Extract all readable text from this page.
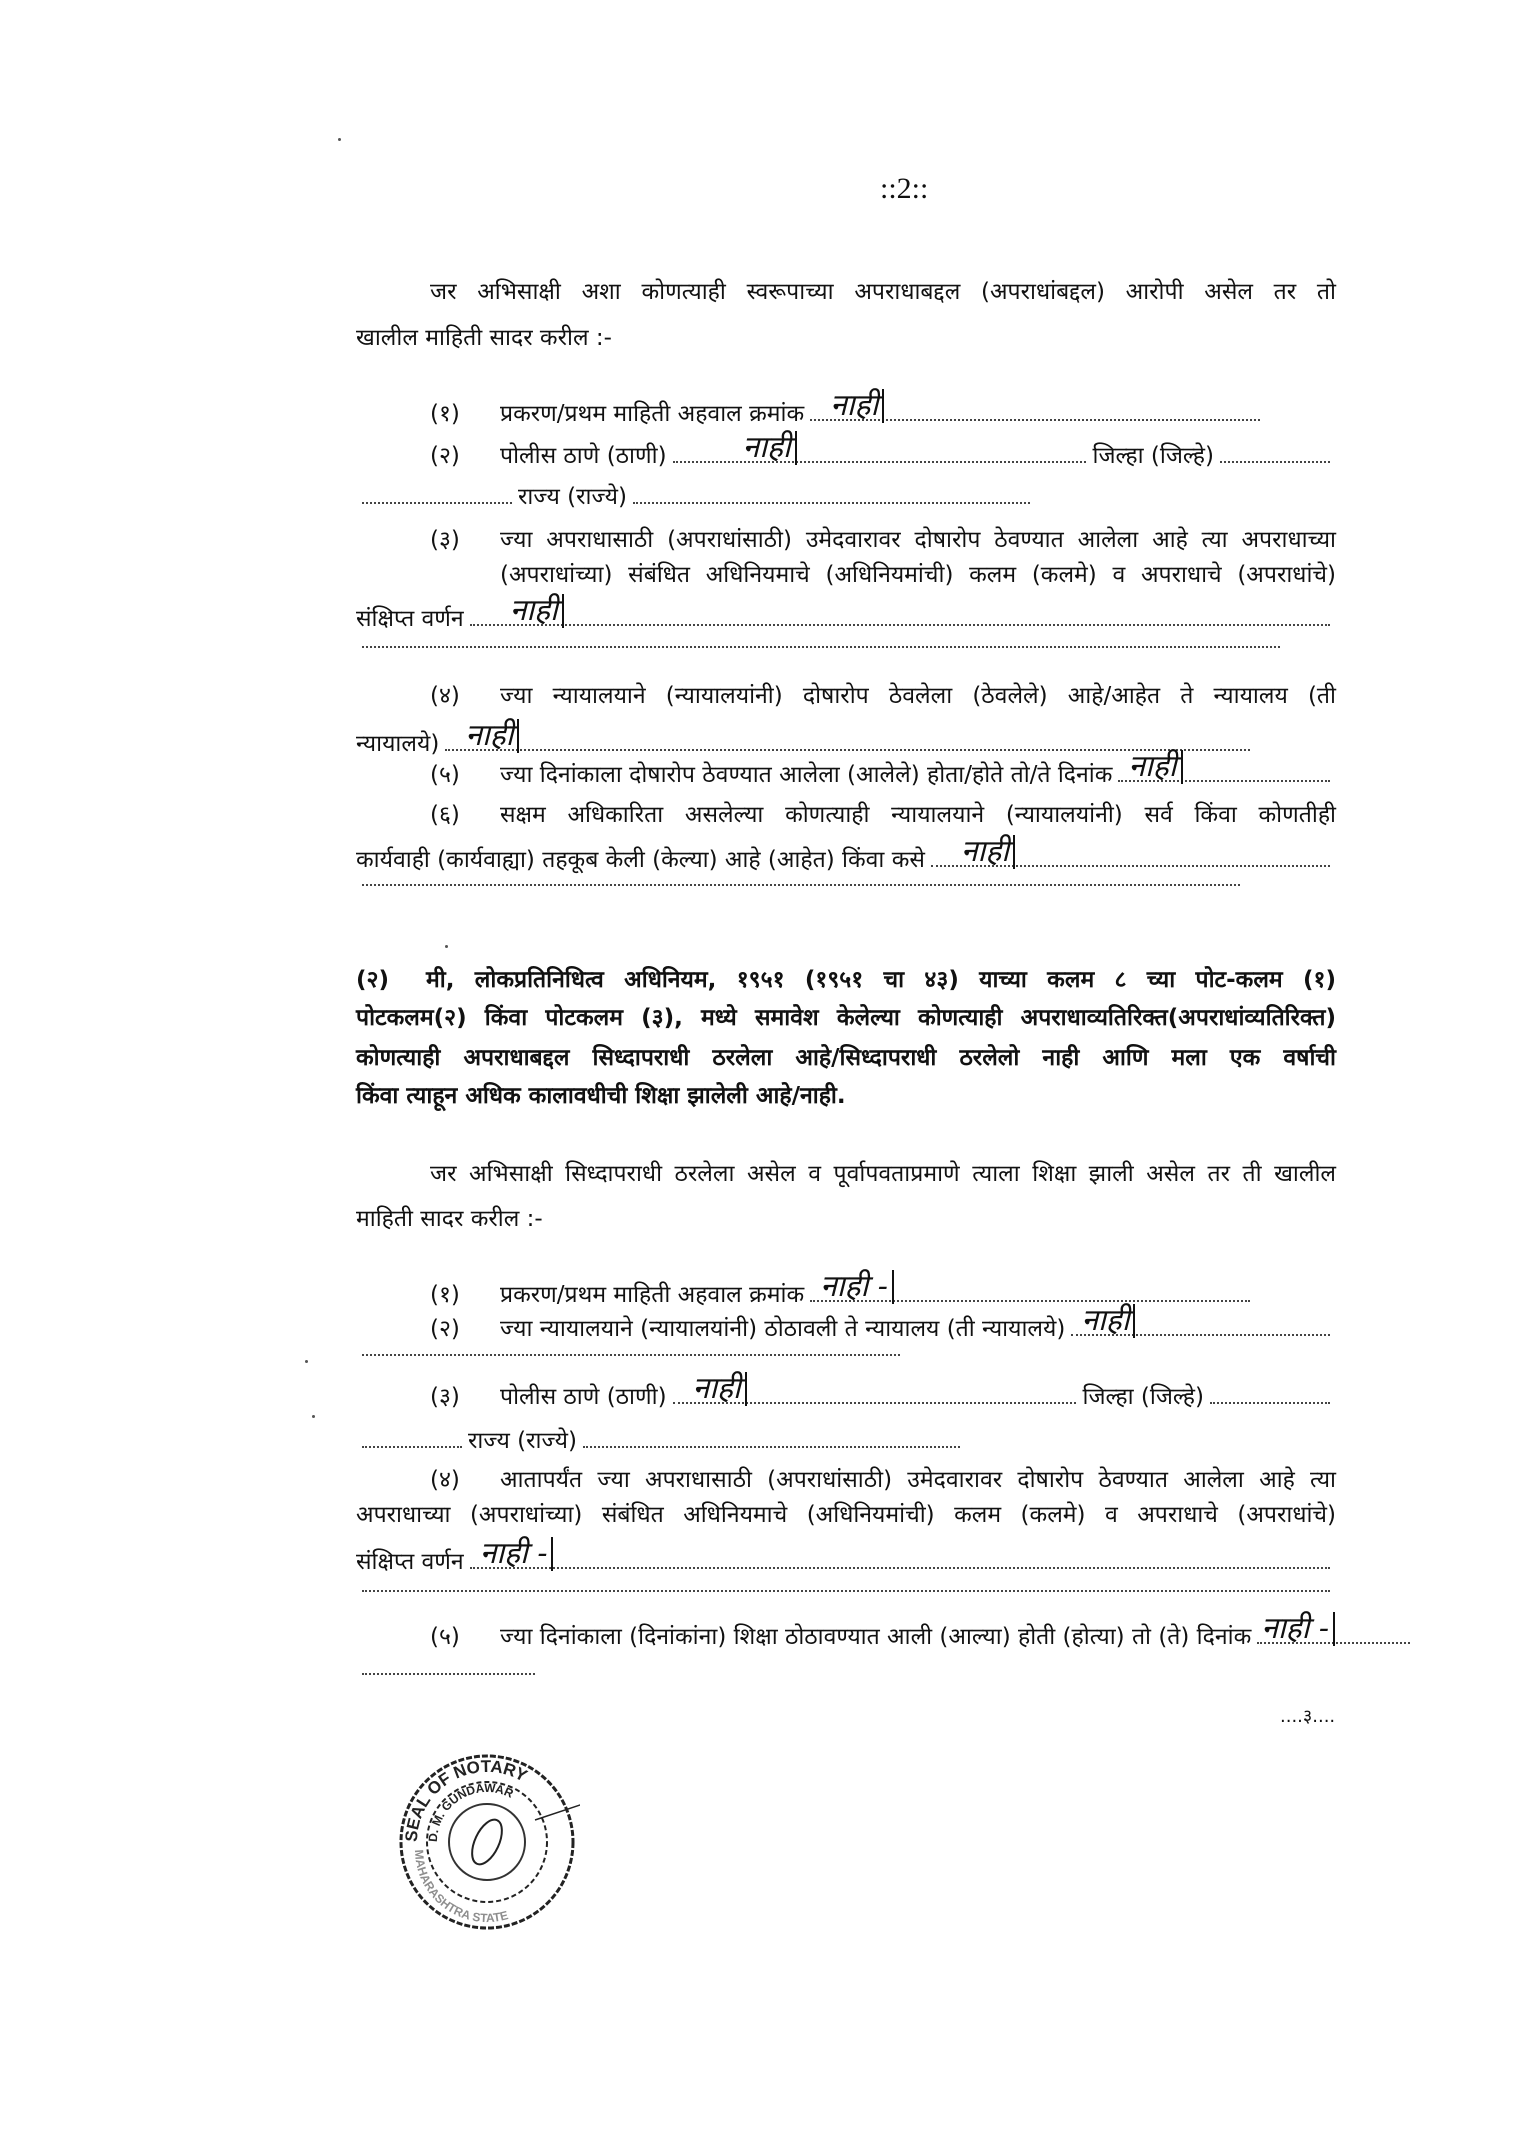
::2::
जर अभिसाक्षी अशा कोणत्याही स्वरूपाच्या अपराधाबद्दल (अपराधांबद्दल) आरोपी असेल तर तो
खालील माहिती सादर करील :-
(१)	प्रकरण/प्रथम माहिती अहवाल क्रमांक नाही
(२)	पोलीस ठाणे (ठाणी)	नाही	जिल्हा (जिल्हे)
राज्य (राज्ये)
(३) ज्या अपराधासाठी (अपराधांसाठी) उमेदवारावर दोषारोप ठेवण्यात आलेला आहे त्या अपराधाच्या
(अपराधांच्या) संबंधित अधिनियमाचे (अधिनियमांची) कलम (कलमे) व अपराधाचे (अपराधांचे)
संक्षिप्त वर्णन नाही
(४) ज्या न्यायालयाने (न्यायालयांनी) दोषारोप ठेवलेला (ठेवलेले) आहे/आहेत ते न्यायालय (ती
न्यायालये) नाही
(५)	ज्या दिनांकाला दोषारोप ठेवण्यात आलेला (आलेले) होता/होते तो/ते दिनांक नाही
(६) सक्षम अधिकारिता असलेल्या कोणत्याही न्यायालयाने (न्यायालयांनी) सर्व किंवा कोणतीही
कार्यवाही (कार्यवाह्या) तहकूब केली (केल्या) आहे (आहेत) किंवा कसे नाही
(२) मी, लोकप्रतिनिधित्व अधिनियम, १९५१ (१९५१ चा ४३) याच्या कलम ८ च्या पोट-कलम (१)
पोटकलम(२) किंवा पोटकलम (३), मध्ये समावेश केलेल्या कोणत्याही अपराधाव्यतिरिक्त(अपराधांव्यतिरिक्त)
कोणत्याही अपराधाबद्दल सिध्दापराधी ठरलेला आहे/सिध्दापराधी ठरलेलो नाही आणि मला एक वर्षाची
किंवा त्याहून अधिक कालावधीची शिक्षा झालेली आहे/नाही.
जर अभिसाक्षी सिध्दापराधी ठरलेला असेल व पूर्वापवताप्रमाणे त्याला शिक्षा झाली असेल तर ती खालील
माहिती सादर करील :-
(१)	प्रकरण/प्रथम माहिती अहवाल क्रमांक नाही -
(२)	ज्या न्यायालयाने (न्यायालयांनी) ठोठावली ते न्यायालय (ती न्यायालये) नाही
(३)	पोलीस ठाणे (ठाणी) नाही	जिल्हा (जिल्हे)
राज्य (राज्ये)
(४) आतापर्यंत ज्या अपराधासाठी (अपराधांसाठी) उमेदवारावर दोषारोप ठेवण्यात आलेला आहे त्या
अपराधाच्या (अपराधांच्या) संबंधित अधिनियमाचे (अधिनियमांची) कलम (कलमे) व अपराधाचे (अपराधांचे)
संक्षिप्त वर्णन नाही -
(५)	ज्या दिनांकाला (दिनांकांना) शिक्षा ठोठावण्यात आली (आल्या) होती (होत्या) तो (ते) दिनांक नाही -
....३....
SEAL OF NOTARY
D. M. GUNDAWAR
MAHARASHTRA STATE
